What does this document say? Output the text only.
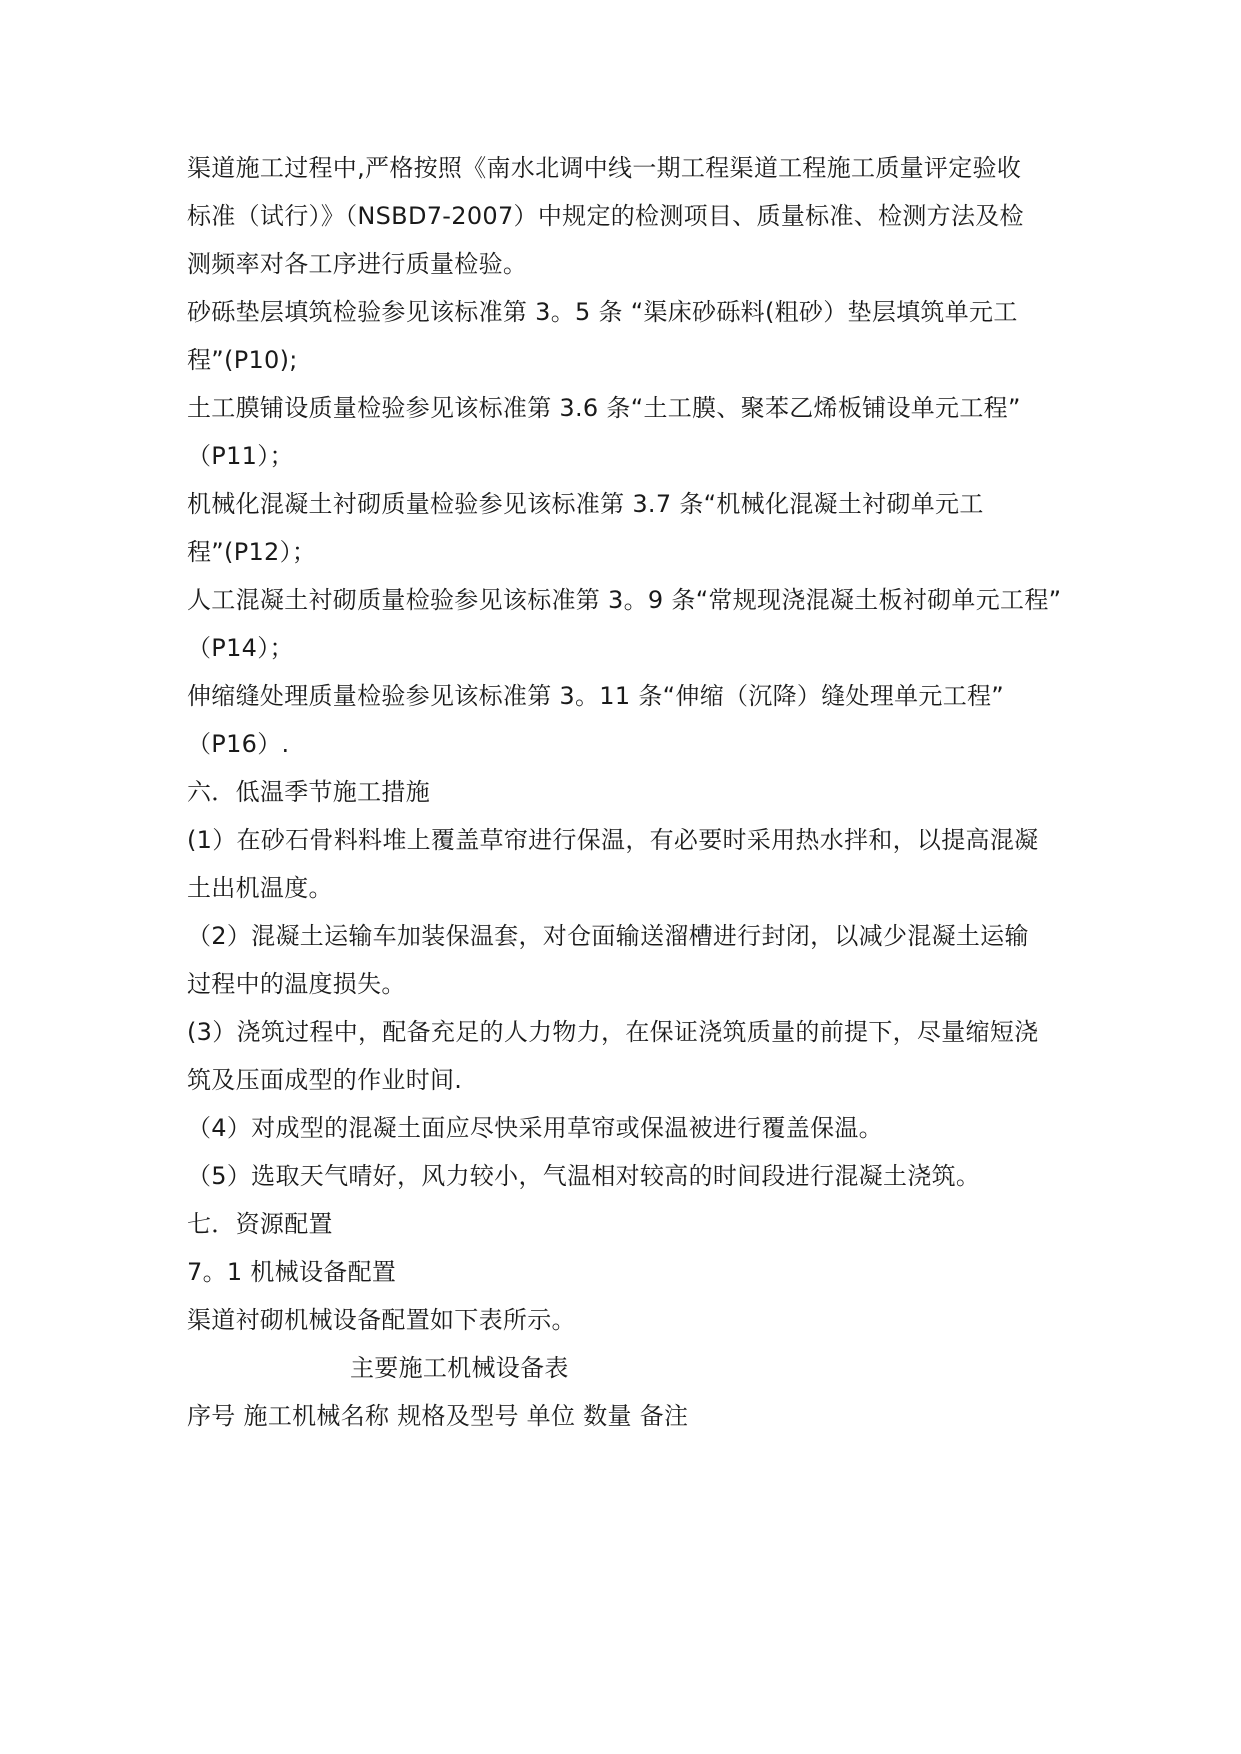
渠道施工过程中,严格按照《南水北调中线一期工程渠道工程施工质量评定验收
标准（试行）》（NSBD7-2007）中规定的检测项目、质量标准、检测方法及检
测频率对各工序进行质量检验。
砂砾垫层填筑检验参见该标准第 3。5 条 “渠床砂砾料(粗砂）垫层填筑单元工
程”(P10);
土工膜铺设质量检验参见该标准第 3.6 条“土工膜、聚苯乙烯板铺设单元工程”
（P11）；
机械化混凝土衬砌质量检验参见该标准第 3.7 条“机械化混凝土衬砌单元工
程”(P12）；
人工混凝土衬砌质量检验参见该标准第 3。9 条“常规现浇混凝土板衬砌单元工程”
（P14）；
伸缩缝处理质量检验参见该标准第 3。11 条“伸缩（沉降）缝处理单元工程”
（P16）.
六．低温季节施工措施
(1）在砂石骨料料堆上覆盖草帘进行保温，有必要时采用热水拌和，以提高混凝
土出机温度。
（2）混凝土运输车加装保温套，对仓面输送溜槽进行封闭，以减少混凝土运输
过程中的温度损失。
(3）浇筑过程中，配备充足的人力物力，在保证浇筑质量的前提下，尽量缩短浇
筑及压面成型的作业时间.
（4）对成型的混凝土面应尽快采用草帘或保温被进行覆盖保温。
（5）选取天气晴好，风力较小，气温相对较高的时间段进行混凝土浇筑。
七．资源配置
7。1 机械设备配置
渠道衬砌机械设备配置如下表所示。
主要施工机械设备表
序号 施工机械名称 规格及型号 单位 数量 备注
